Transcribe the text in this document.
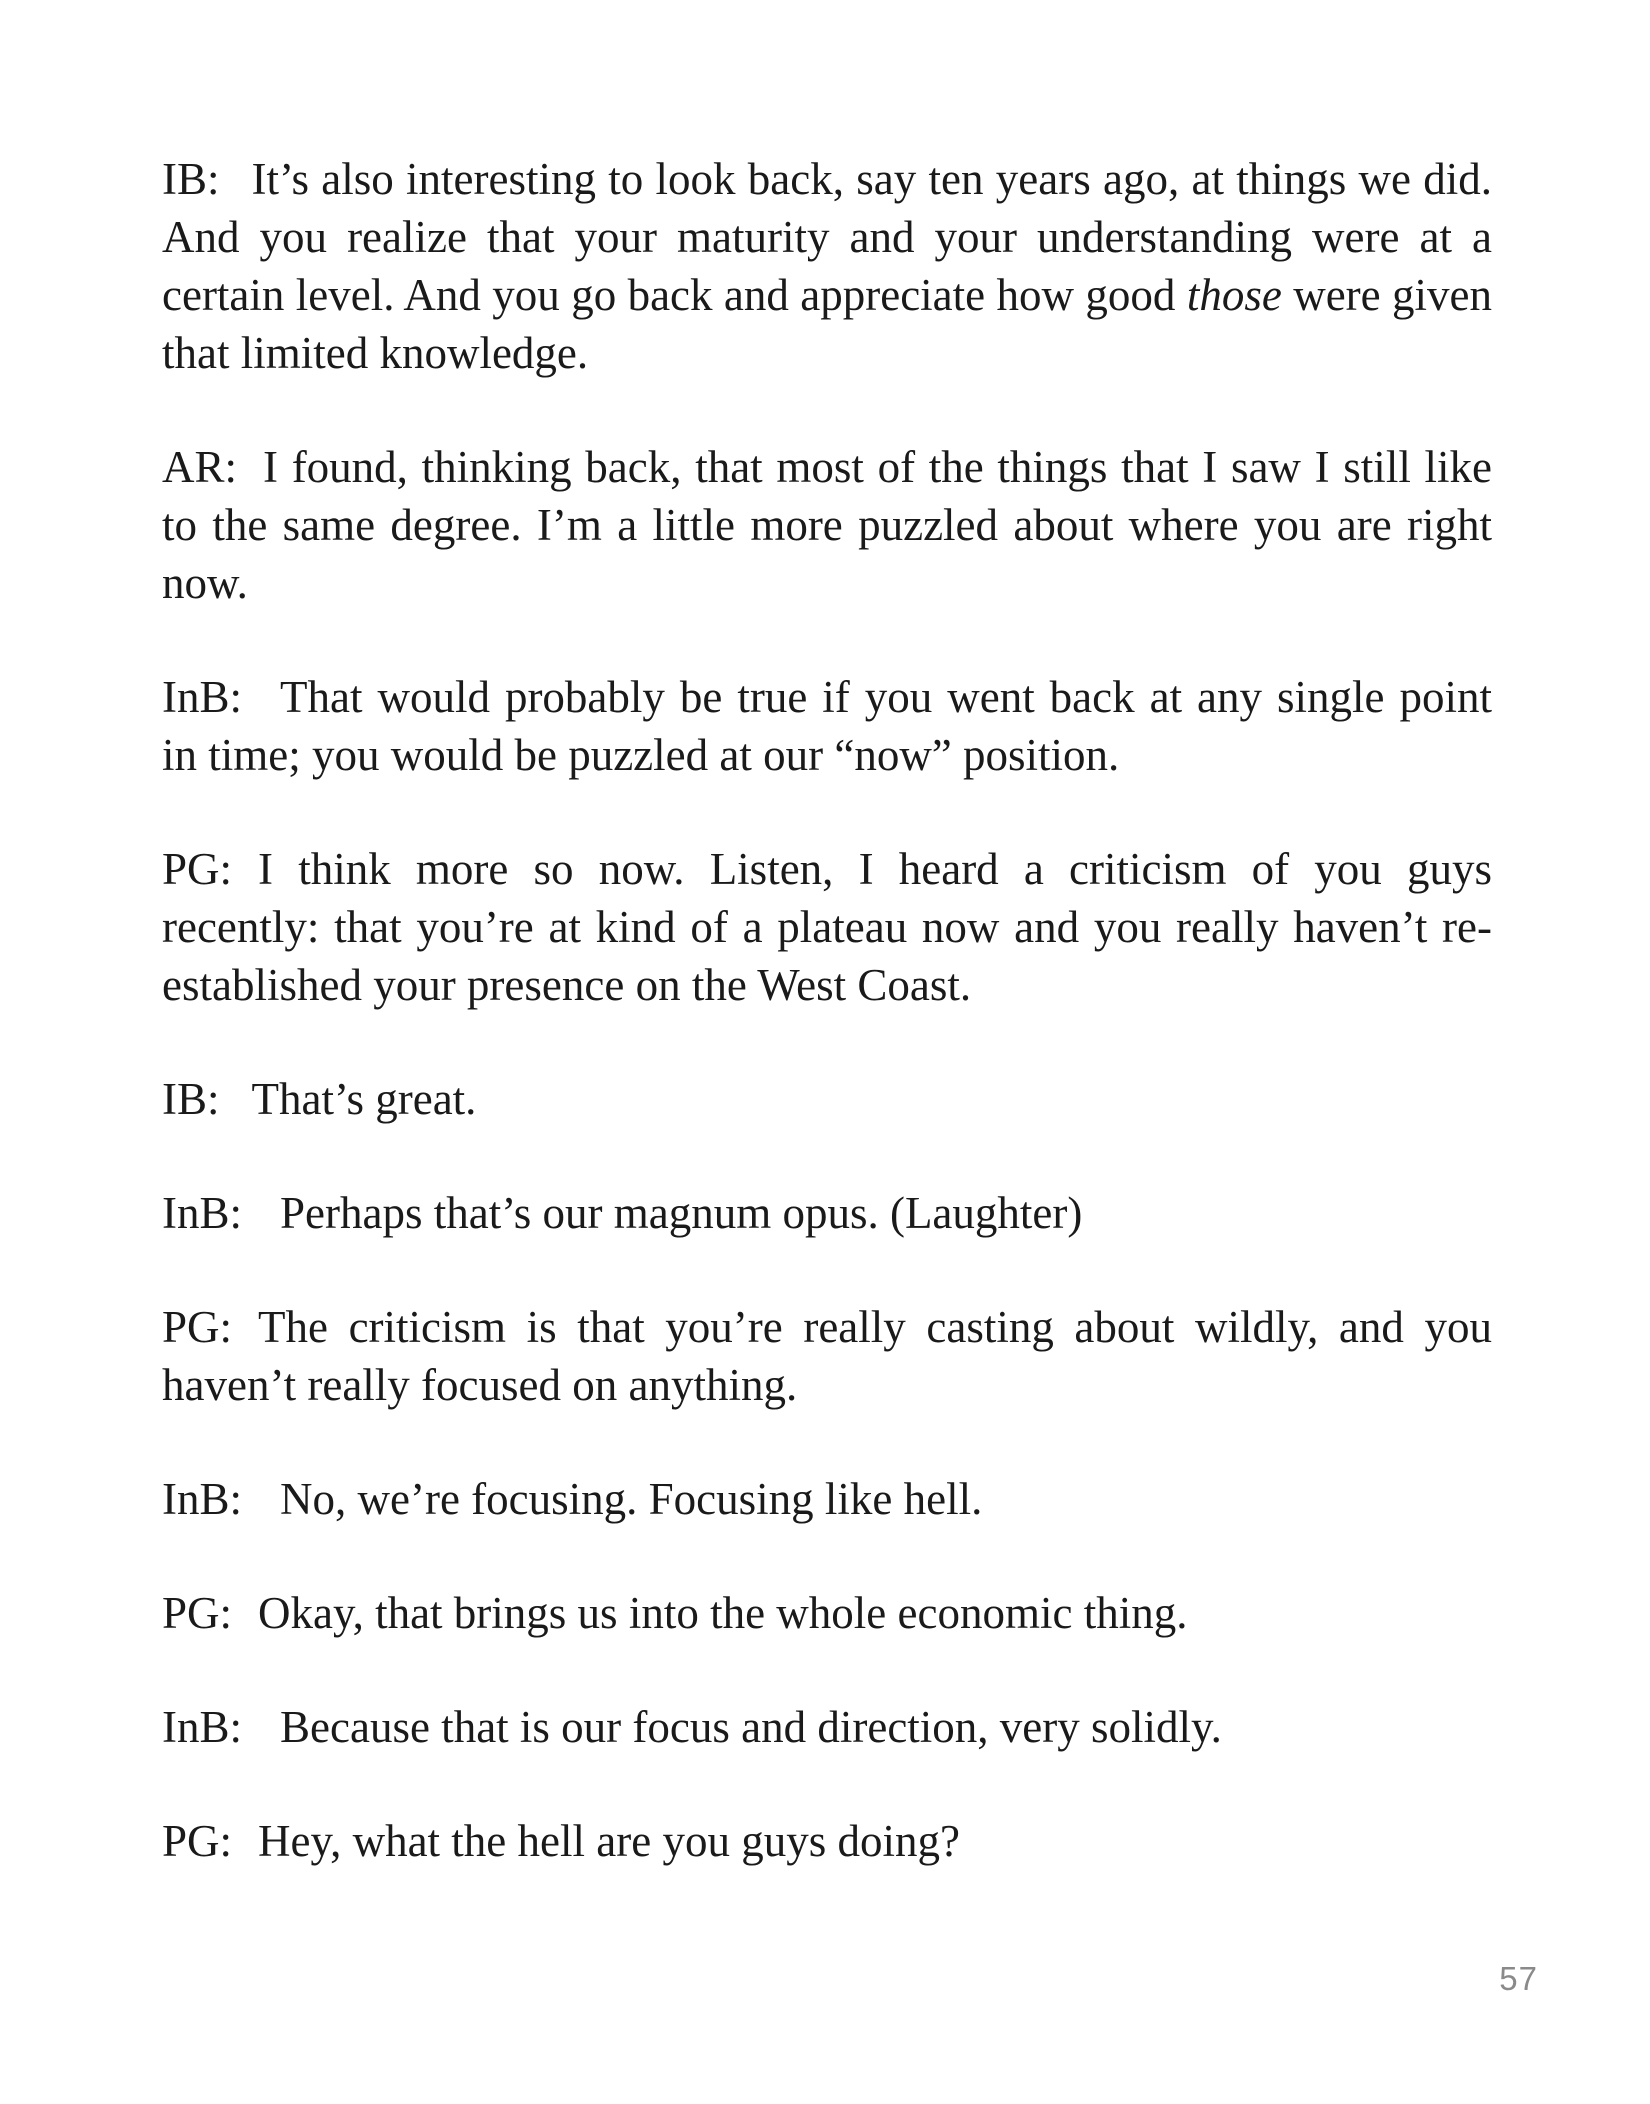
IB: It’s also interesting to look back, say ten years ago, at things we did. And you realize that your maturity and your understanding were at a certain level. And you go back and appreciate how good those were given that limited knowledge.

AR: I found, thinking back, that most of the things that I saw I still like to the same degree. I’m a little more puzzled about where you are right now.

InB: That would probably be true if you went back at any single point in time; you would be puzzled at our “now” position.

PG: I think more so now. Listen, I heard a criticism of you guys recently: that you’re at kind of a plateau now and you really haven’t re-established your presence on the West Coast.

IB: That’s great.

InB: Perhaps that’s our magnum opus. (Laughter)

PG: The criticism is that you’re really casting about wildly, and you haven’t really focused on anything.

InB: No, we’re focusing. Focusing like hell.

PG: Okay, that brings us into the whole economic thing.

InB: Because that is our focus and direction, very solidly.

PG: Hey, what the hell are you guys doing?

57
